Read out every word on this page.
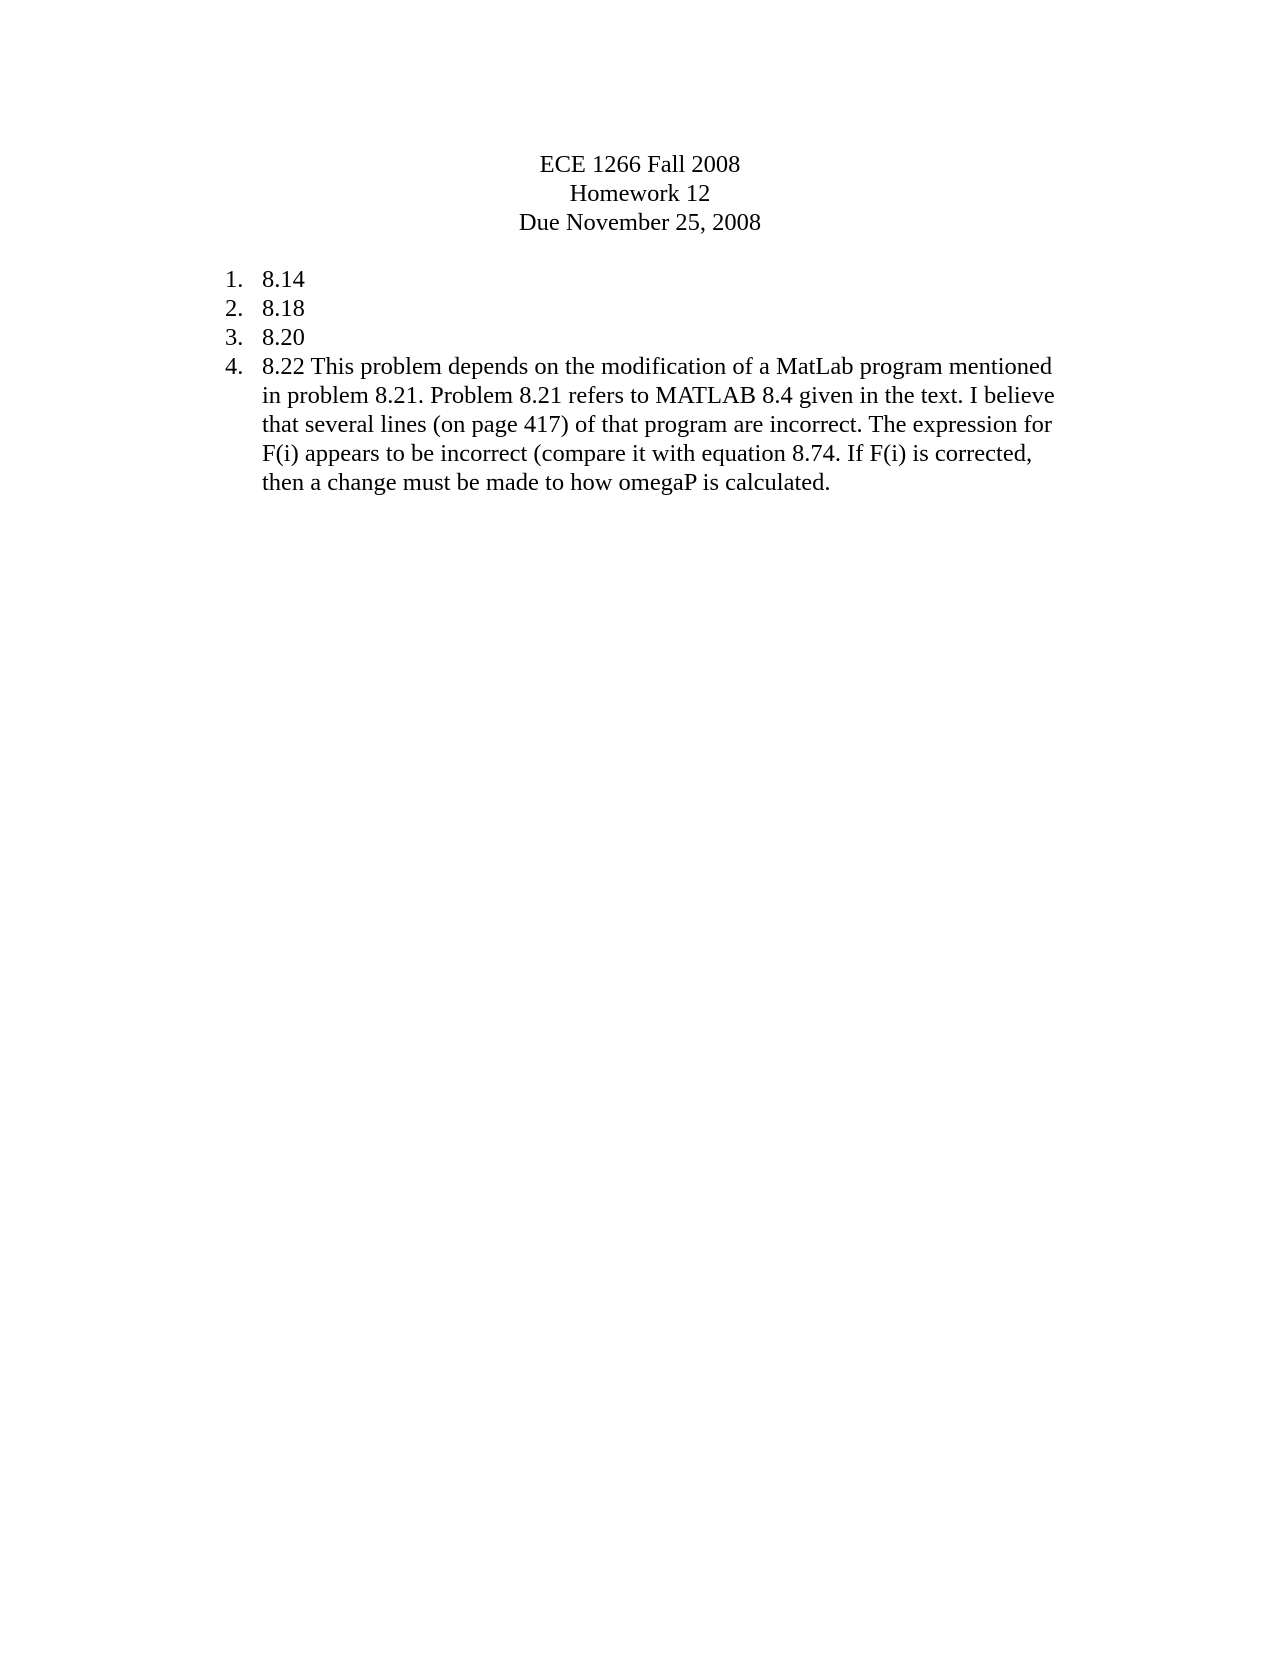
ECE 1266 Fall 2008
Homework 12
Due November 25, 2008
1. 8.14
2. 8.18
3. 8.20
4. 8.22 This problem depends on the modification of a MatLab program mentioned
in problem 8.21. Problem 8.21 refers to MATLAB 8.4 given in the text. I believe
that several lines (on page 417) of that program are incorrect. The expression for
F(i) appears to be incorrect (compare it with equation 8.74. If F(i) is corrected,
then a change must be made to how omegaP is calculated.
